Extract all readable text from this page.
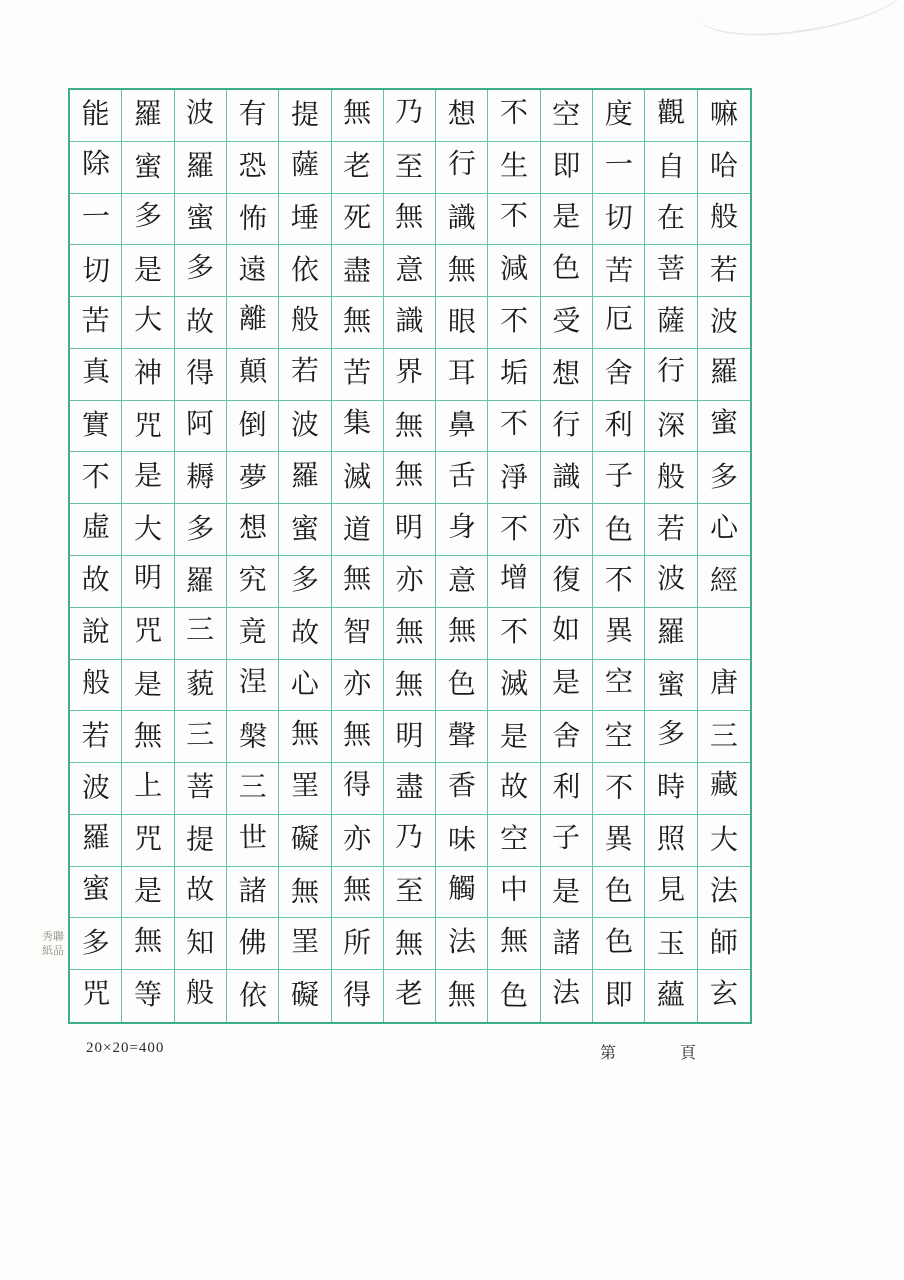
秀聯紙品
能 羅 波 有 提 無 乃 想 不 空 度 觀 嘛
除 蜜 羅 恐 薩 老 至 行 生 即 一 自 哈
一 多 蜜 怖 埵 死 無 識 不 是 切 在 般
切 是 多 遠 依 盡 意 無 減 色 苦 菩 若
苦 大 故 離 般 無 識 眼 不 受 厄 薩 波
真 神 得 顛 若 苦 界 耳 垢 想 舍 行 羅
實 咒 阿 倒 波 集 無 鼻 不 行 利 深 蜜
不 是 耨 夢 羅 滅 無 舌 淨 識 子 般 多
虛 大 多 想 蜜 道 明 身 不 亦 色 若 心
故 明 羅 究 多 無 亦 意 增 復 不 波 經
說 咒 三 竟 故 智 無 無 不 如 異 羅
般 是 藐 涅 心 亦 無 色 滅 是 空 蜜 唐
若 無 三 槃 無 無 明 聲 是 舍 空 多 三
波 上 菩 三 罣 得 盡 香 故 利 不 時 藏
羅 咒 提 世 礙 亦 乃 味 空 子 異 照 大
蜜 是 故 諸 無 無 至 觸 中 是 色 見 法
多 無 知 佛 罣 所 無 法 無 諸 色 玉 師
咒 等 般 依 礙 得 老 無 色 法 即 蘊 玄
20×20=400	第	頁
